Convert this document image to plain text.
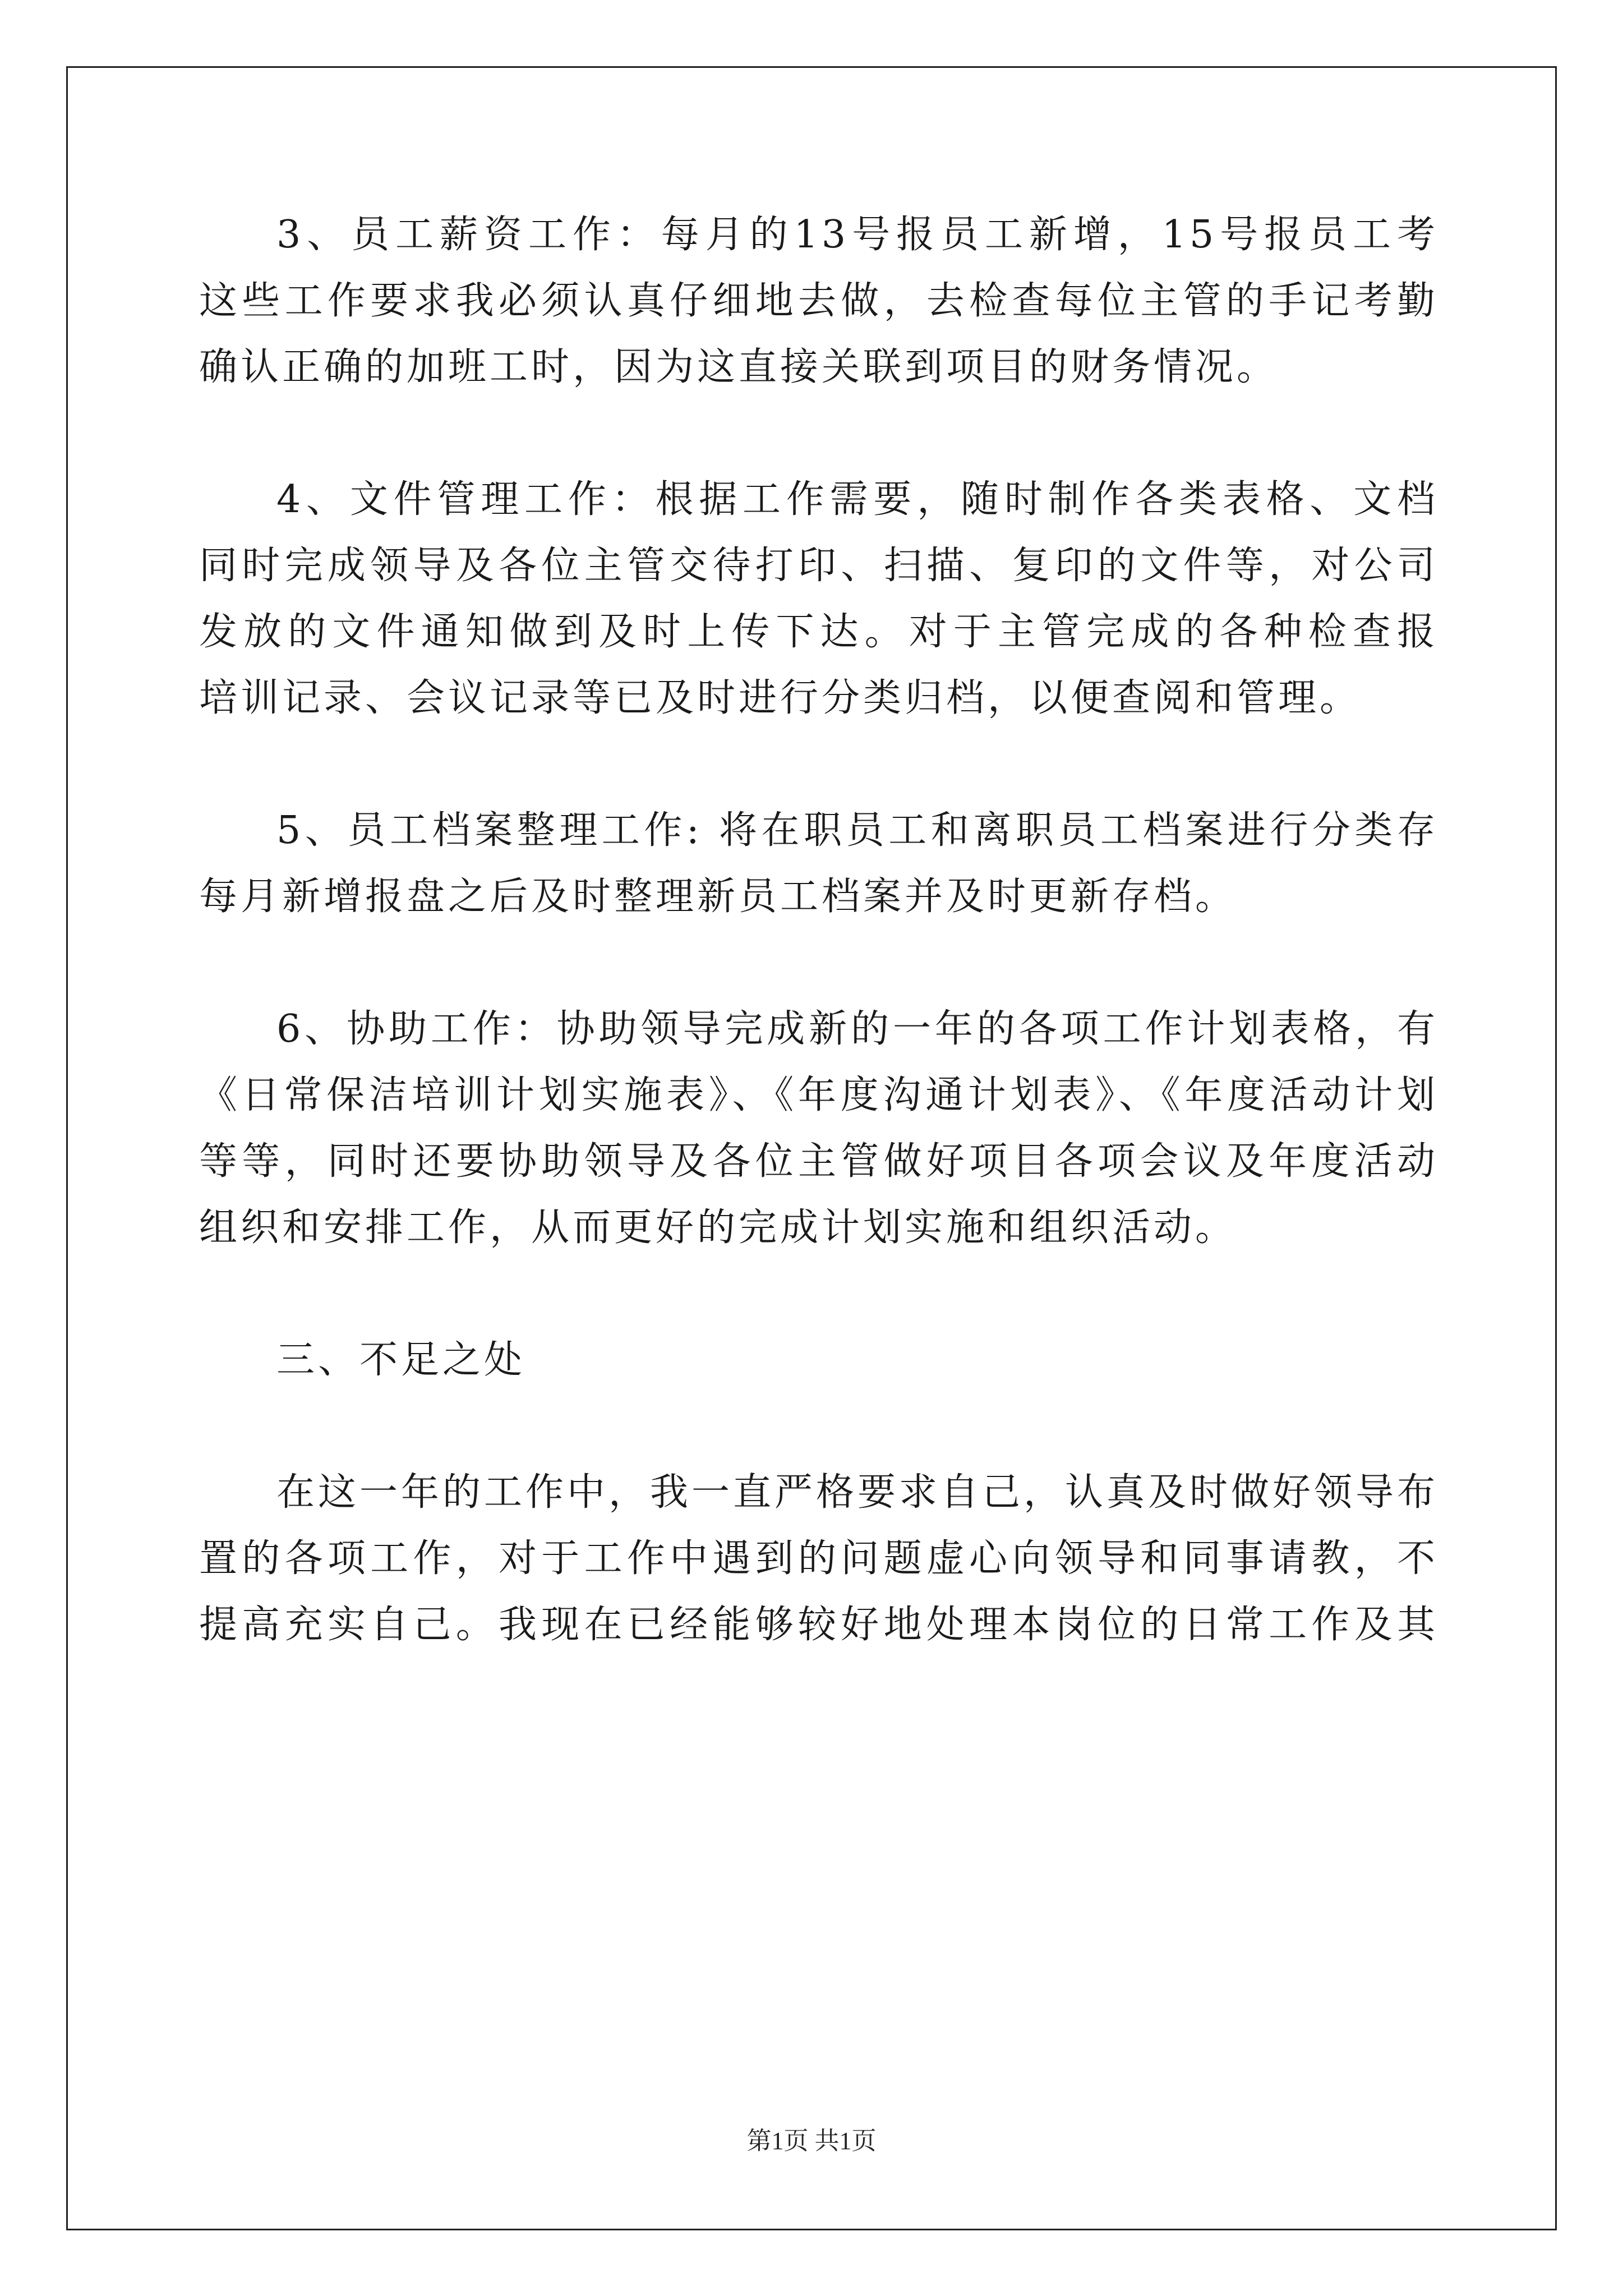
3、员工薪资工作：每月的13号报员工新增，15号报员工考
这些工作要求我必须认真仔细地去做，去检查每位主管的手记考勤
确认正确的加班工时，因为这直接关联到项目的财务情况。
4、文件管理工作：根据工作需要，随时制作各类表格、文档
同时完成领导及各位主管交待打印、扫描、复印的文件等，对公司
发放的文件通知做到及时上传下达。对于主管完成的各种检查报
培训记录、会议记录等已及时进行分类归档，以便查阅和管理。
5、员工档案整理工作: 将在职员工和离职员工档案进行分类存
每月新增报盘之后及时整理新员工档案并及时更新存档。
6、协助工作：协助领导完成新的一年的各项工作计划表格，有
《日常保洁培训计划实施表》、《年度沟通计划表》、《年度活动计划
等等，同时还要协助领导及各位主管做好项目各项会议及年度活动
组织和安排工作，从而更好的完成计划实施和组织活动。
三、不足之处
在这一年的工作中，我一直严格要求自己，认真及时做好领导布
置的各项工作，对于工作中遇到的问题虚心向领导和同事请教，不
提高充实自己。我现在已经能够较好地处理本岗位的日常工作及其
第1页 共1页
